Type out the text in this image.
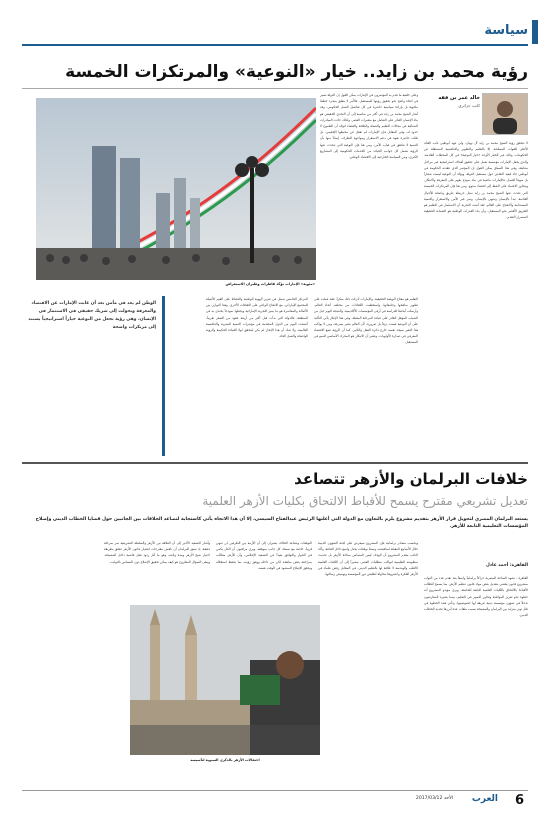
سياسة
رؤية محمد بن زايد.. خيار «النوعية» والمرتكزات الخمسة
خالد عمر بن ققه
كاتب جزائري
لا تتحقق رؤية الشيخ محمد بن زايد آل نهيان، ولي عهد أبوظبي نائب القائد الأعلى للقوات المسلحة، إلا بالتعليم والتطوير والتنافسية المستقلة عن الحكومات، وذلك عبر الخيار الأوحد «خيار النوعية» في كل المحطات القادمة، والذي يجعل الإمارات مؤسسة تعمل على تحقيق أهداف استراتيجية عبر مراحل متتابعة. وفي هذا السياق يمكن القول إن المؤتمر الذي عقدته الحكومة في أبوظبي جاء ليعيد النقاش حول مستقبل الدولة، ويؤكد أن النوعية ليست شعاراً بل منهجاً للعمل. فالإمارات ماضية في بناء نموذج يقوم على المعرفة والابتكار، ويتجاوز الاعتماد على النفط إلى اقتصاد متنوع. ومن هنا فإن المرتكزات الخمسة التي تحدث عنها الشيخ محمد بن زايد تمثل خريطة طريق واضحة للأجيال القادمة، تبدأ بالإنسان وتنتهي بالإنسان، وتمر عبر الأمن والاستقرار والتنمية المستدامة والانفتاح على العالم. لقد أثبتت التجربة أن الاستثمار في التعليم هو الطريق الأقصر نحو المستقبل، وأن بناء القدرات الوطنية هو الضمانة الحقيقية لاستمرار التقدم.
وعلى خلفية ما قدم به المؤتمرون في الإمارات يمكن القول إن الدولة تسير في اتجاه واضح نحو تحقيق رؤيتها للمستقبل. فالأمر لا يتعلق بمجرد خطط مكتوبة بل بإرادة سياسية حاضرة في كل تفاصيل العمل الحكومي. وقد أشار الشيخ محمد بن زايد في أكثر من مناسبة إلى أن التحدي الحقيقي هو بناء الإنسان القادر على التعامل مع متغيرات العصر. ولذلك جاءت المبادرات المتتالية في مجالات التعليم والصحة والطاقة والفضاء لتؤكد أن الطموح لا حدود له. وفي المقابل فإن الإمارات لم تغفل عن محيطها الإقليمي، بل ظلت حاضرة بقوة في دعم الاستقرار ومواجهة التطرف، إيماناً منها بأن التنمية لا تتحقق في غياب الأمن. ومن هنا فإن النوعية التي تتحدث عنها الرؤية تشمل كل جوانب الحياة، من الخدمات الحكومية إلى المشاريع الكبرى، ومن السياسة الخارجية إلى الاقتصاد الوطني.
التعليم هو مفتاح النهضة الحقيقية، والإمارات أدركت ذلك مبكراً. فقد عملت على تطوير مناهجها وجامعاتها، واستقطبت الكفاءات من مختلف أنحاء العالم، وأرسلت أبناءها للدراسة في أرقى المؤسسات الأكاديمية. والنتيجة اليوم جيل من الشباب المؤهل القادر على قيادة المرحلة المقبلة. وفي هذا الإطار يأتي التأكيد على أن النوعية ليست ترفاً بل ضرورة، لأن العالم يتغير بسرعة، ومن لا يواكب هذا التغير سيجد نفسه خارج دائرة الفعل والتأثير. كما أن الرؤية تضع الاقتصاد المعرفي في صدارة الأولويات، وتعتبر أن الابتكار هو المحرك الأساسي للنمو في المستقبل.
المرتكز الخامس يتمثل في تعزيز الهوية الوطنية والحفاظ على القيم الأصيلة للمجتمع الإماراتي، مع الانفتاح الواعي على الثقافات الأخرى. وهذا التوازن بين الأصالة والمعاصرة هو ما يميز التجربة الإماراتية ويجعلها نموذجاً يحتذى به في المنطقة. فالدولة التي بدأت قبل أكثر من أربعة عقود من الصفر تقريباً، أصبحت اليوم من الدول المتقدمة في مؤشرات التنمية البشرية والتنافسية العالمية. ولا شك أن هذا الإنجاز لم يكن ليتحقق لولا القيادة الحكيمة والرؤية الواضحة والعمل الجاد.
«مئوية» الإمارات تؤكد قاطرات وطيران الاستعراض
الوطن لم يعد في مأمن بعد أن غابت الإمارات عن الاقتصاد والمعرفة وتحولت إلى شريك حقيقي في الاستثمار في الإنسان، وهي رؤية تجعل من النوعية خياراً استراتيجياً يستند إلى مرتكزات واضحة
خلافات البرلمان والأزهر تتصاعد
تعديل تشريعي مقترح يسمح للأقباط الالتحاق بكليات الأزهر العلمية
يستعد البرلمان المصري لتحويل قرار الأزهر بتقديم مشروع يلزم بالتعاون مع الدولة التي أعلنها الرئيس عبدالفتاح السيسي، إلا أن هذا الاتجاه يأتي كاستجابة لتصاعد الخلافات بين الجانبين حول قضايا الخطاب الديني وإصلاح المؤسسات التعليمية التابعة للأزهر.
القاهرة: أحمد عادل
القاهرة - تشهد الساحة المصرية حراكاً برلمانياً واسعاً بعد تقدم عدد من النواب بمشروع قانون يقضي بتعديل بعض مواد قانون تنظيم الأزهر، بما يسمح للطلاب الأقباط بالالتحاق بالكليات العلمية التابعة للجامعة. ويرى مؤيدو المشروع أنه خطوة نحو تعزيز المواطنة وتجاوز التمييز في التعليم، بينما يعتبره المعارضون تدخلاً في شؤون مؤسسة دينية عريقة لها خصوصيتها. وتأتي هذه الخطوة في ظل توتر متزايد بين البرلمان والمشيخة بسبب ملفات عدة أبرزها تجديد الخطاب الديني.
وبحسب مصادر برلمانية فإن المشروع سيعرض على لجنة الشؤون الدينية خلال الأسابيع المقبلة لمناقشته، وسط توقعات بجدل واسع داخل القاعة. وأكد النائب مقدم المشروع أن الهدف ليس المساس بمكانة الأزهر بل تحديث منظومته التعليمية لتواكب متطلبات العصر، مشيراً إلى أن الكليات العلمية كالطب والهندسة لا علاقة لها بالتعليم الديني. في المقابل رفض علماء في الأزهر الفكرة واعتبروها محاولة لتقليص دور المؤسسة وتهميش رسالتها.
التوقعات وتصاعد الخلاف يشيران إلى أن الأزمة بين الطرفين لن تنتهي قريباً، خاصة مع تمسك كل جانب بموقفه. ويرى مراقبون أن الحل يكمن في الحوار والتوافق بعيداً عن التصعيد الإعلامي، وأن الأزهر مطالب بمراجعة بعض مناهجه لكن من داخله ووفق رؤيته، بما يحفظ استقلاله ويحقق الإصلاح المنشود في الوقت نفسه.
وأشار التصعيد الأخير إلى أن العلاقة بين الأزهر والسلطة التشريعية تمر بمرحلة دقيقة، إذ سبق للبرلمان أن ناقش مقترحات لتعديل قانون الأزهر تتعلق بطريقة اختيار شيخ الأزهر ومدة ولايته، وهو ما أثار ردود فعل غاضبة داخل المشيخة. ويبقى السؤال المطروح هو كيف يمكن تحقيق الإصلاح دون المساس بالثوابت.
احتفالات الأزهر بالذكرى السنوية لتأسيسه
6
العرب
الأحد 2017/03/12
